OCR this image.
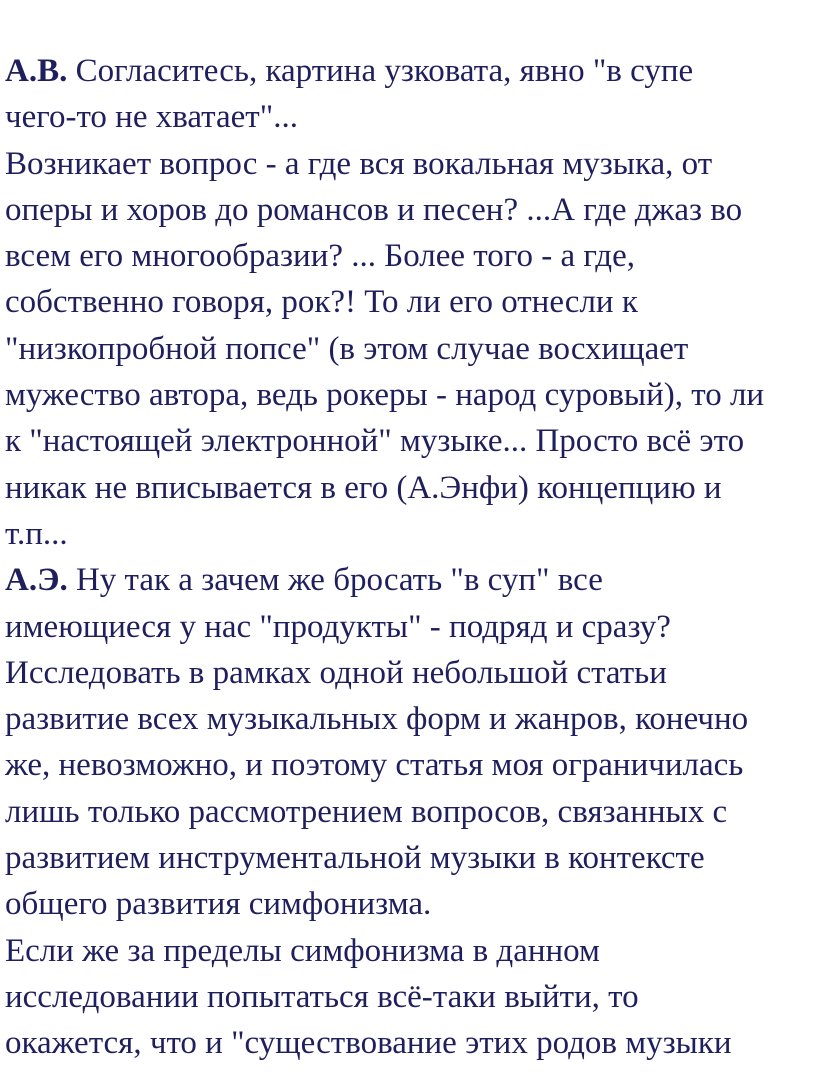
А.В. Согласитесь, картина узковата, явно "в супе
чего-то не хватает"...
Возникает вопрос - а где вся вокальная музыка, от
оперы и хоров до романсов и песен? ...А где джаз во
всем его многообразии? ... Более того - а где,
собственно говоря, рок?! То ли его отнесли к
"низкопробной попсе" (в этом случае восхищает
мужество автора, ведь рокеры - народ суровый), то ли
к "настоящей электронной" музыке... Просто всё это
никак не вписывается в его (А.Энфи) концепцию и
т.п...
А.Э. Ну так а зачем же бросать "в суп" все
имеющиеся у нас "продукты" - подряд и сразу?
Исследовать в рамках одной небольшой статьи
развитие всех музыкальных форм и жанров, конечно
же, невозможно, и поэтому статья моя ограничилась
лишь только рассмотрением вопросов, связанных с
развитием инструментальной музыки в контексте
общего развития симфонизма.
Если же за пределы симфонизма в данном
исследовании попытаться всё-таки выйти, то
окажется, что и "существование этих родов музыки
